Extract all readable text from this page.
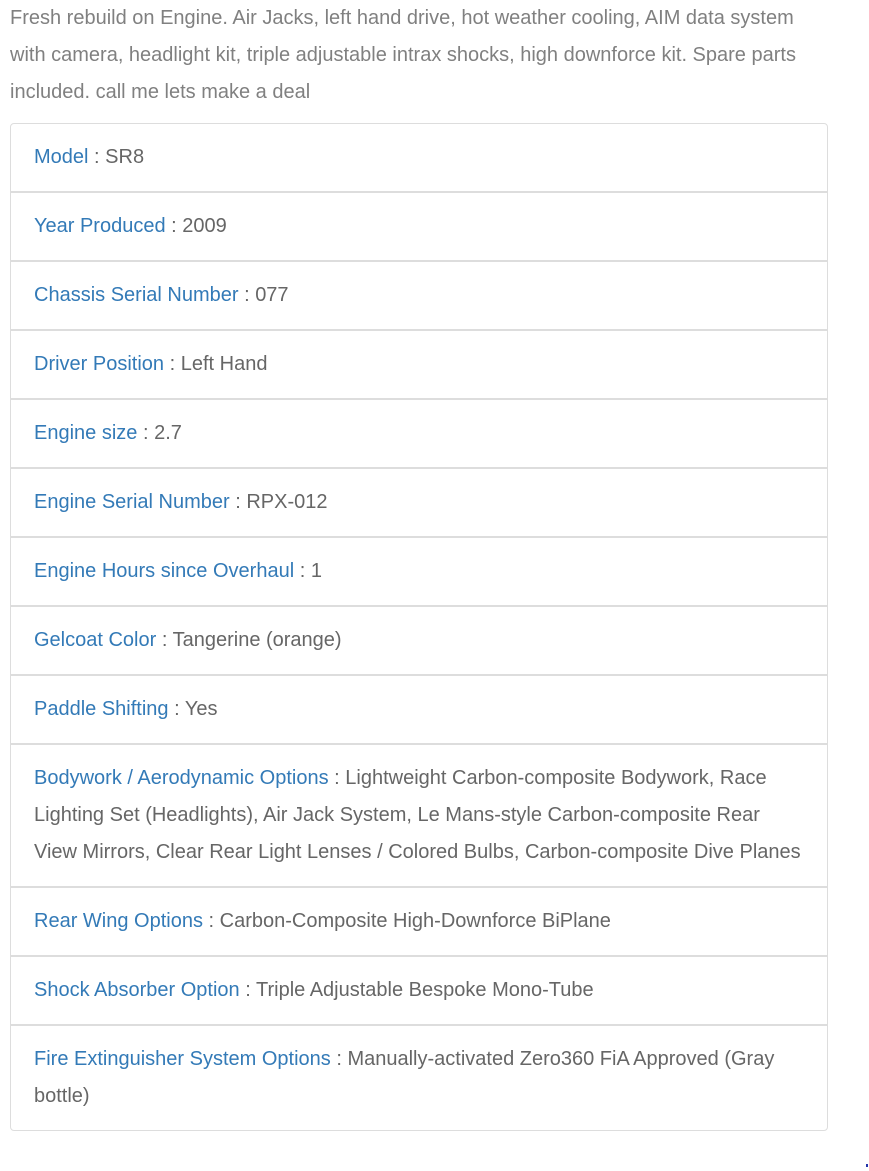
Fresh rebuild on Engine. Air Jacks, left hand drive, hot weather cooling, AIM data system with camera, headlight kit, triple adjustable intrax shocks, high downforce kit. Spare parts included. call me lets make a deal

Model : SR8
Year Produced : 2009
Chassis Serial Number : 077
Driver Position : Left Hand
Engine size : 2.7
Engine Serial Number : RPX-012
Engine Hours since Overhaul : 1
Gelcoat Color : Tangerine (orange)
Paddle Shifting : Yes
Bodywork / Aerodynamic Options : Lightweight Carbon-composite Bodywork, Race Lighting Set (Headlights), Air Jack System, Le Mans-style Carbon-composite Rear View Mirrors, Clear Rear Light Lenses / Colored Bulbs, Carbon-composite Dive Planes
Rear Wing Options : Carbon-Composite High-Downforce BiPlane
Shock Absorber Option : Triple Adjustable Bespoke Mono-Tube
Fire Extinguisher System Options : Manually-activated Zero360 FiA Approved (Gray bottle)
